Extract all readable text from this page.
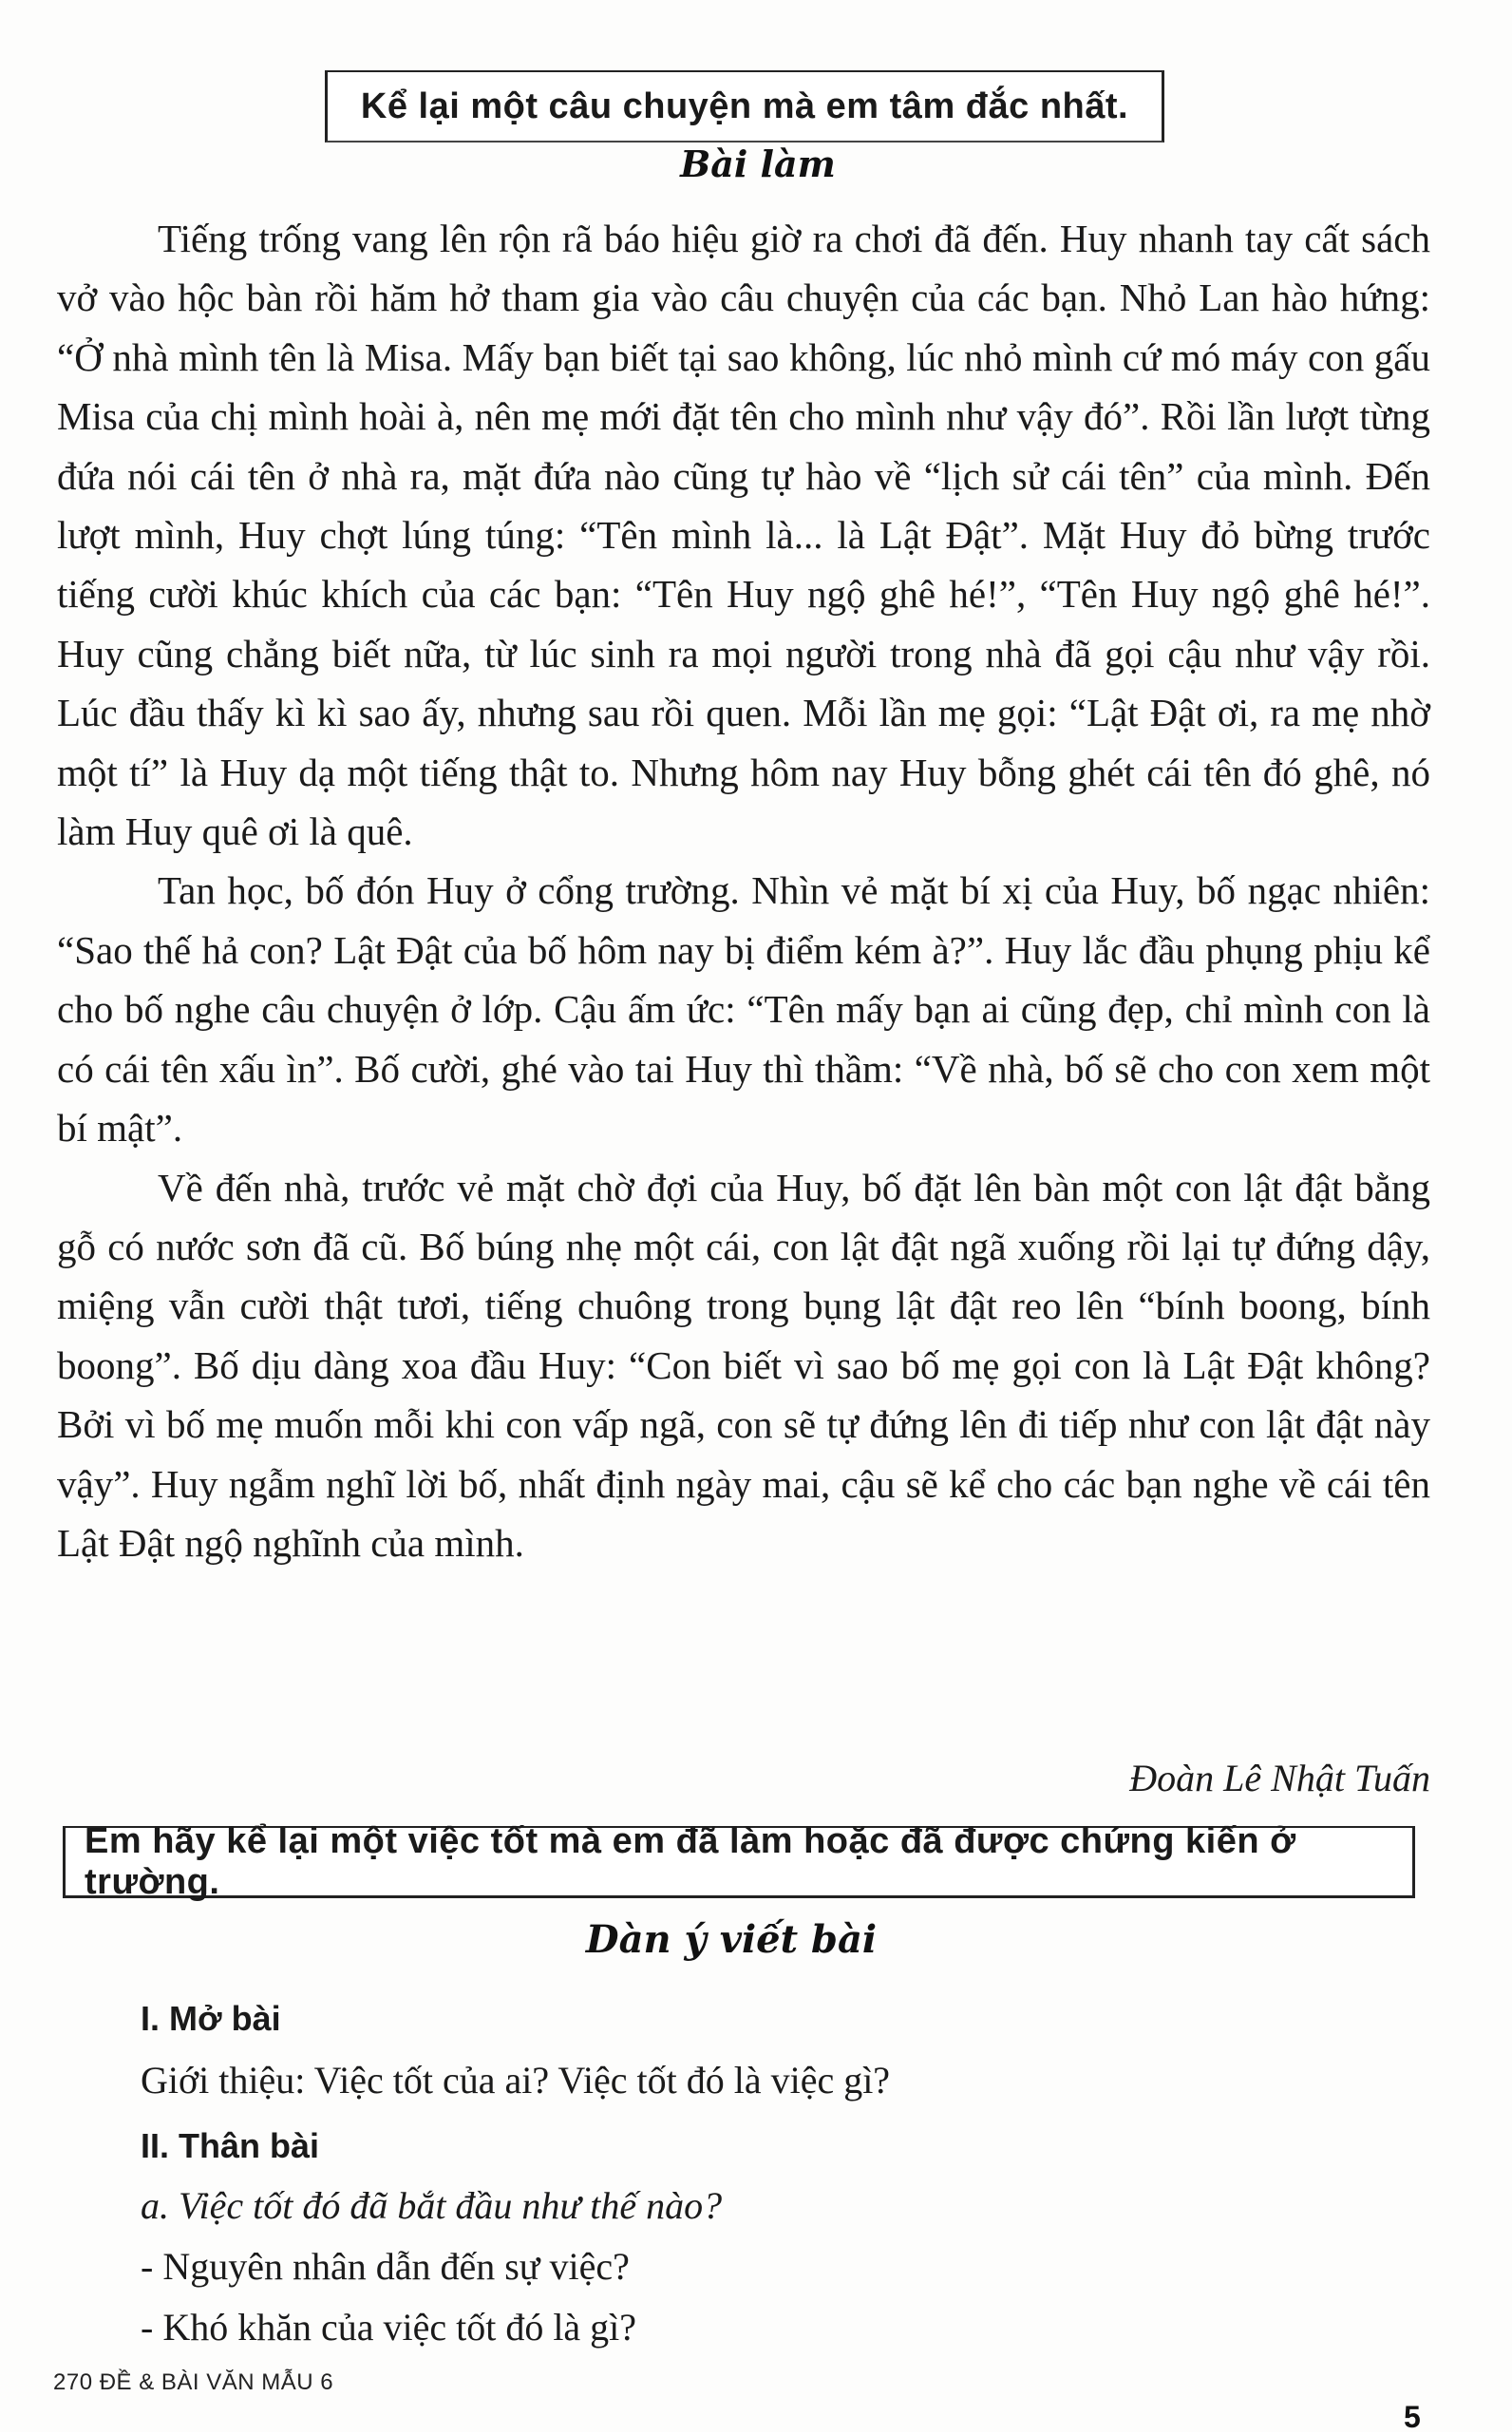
Kể lại một câu chuyện mà em tâm đắc nhất.
Bài làm

Tiếng trống vang lên rộn rã báo hiệu giờ ra chơi đã đến. Huy nhanh tay cất sách vở vào hộc bàn rồi hăm hở tham gia vào câu chuyện của các bạn. Nhỏ Lan hào hứng: “Ở nhà mình tên là Misa. Mấy bạn biết tại sao không, lúc nhỏ mình cứ mó máy con gấu Misa của chị mình hoài à, nên mẹ mới đặt tên cho mình như vậy đó”. Rồi lần lượt từng đứa nói cái tên ở nhà ra, mặt đứa nào cũng tự hào về “lịch sử cái tên” của mình. Đến lượt mình, Huy chợt lúng túng: “Tên mình là... là Lật Đật”. Mặt Huy đỏ bừng trước tiếng cười khúc khích của các bạn: “Tên Huy ngộ ghê hé!”, “Tên Huy ngộ ghê hé!”. Huy cũng chẳng biết nữa, từ lúc sinh ra mọi người trong nhà đã gọi cậu như vậy rồi. Lúc đầu thấy kì kì sao ấy, nhưng sau rồi quen. Mỗi lần mẹ gọi: “Lật Đật ơi, ra mẹ nhờ một tí” là Huy dạ một tiếng thật to. Nhưng hôm nay Huy bỗng ghét cái tên đó ghê, nó làm Huy quê ơi là quê.

Tan học, bố đón Huy ở cổng trường. Nhìn vẻ mặt bí xị của Huy, bố ngạc nhiên: “Sao thế hả con? Lật Đật của bố hôm nay bị điểm kém à?”. Huy lắc đầu phụng phịu kể cho bố nghe câu chuyện ở lớp. Cậu ấm ức: “Tên mấy bạn ai cũng đẹp, chỉ mình con là có cái tên xấu ìn”. Bố cười, ghé vào tai Huy thì thầm: “Về nhà, bố sẽ cho con xem một bí mật”.

Về đến nhà, trước vẻ mặt chờ đợi của Huy, bố đặt lên bàn một con lật đật bằng gỗ có nước sơn đã cũ. Bố búng nhẹ một cái, con lật đật ngã xuống rồi lại tự đứng dậy, miệng vẫn cười thật tươi, tiếng chuông trong bụng lật đật reo lên “bính boong, bính boong”. Bố dịu dàng xoa đầu Huy: “Con biết vì sao bố mẹ gọi con là Lật Đật không? Bởi vì bố mẹ muốn mỗi khi con vấp ngã, con sẽ tự đứng lên đi tiếp như con lật đật này vậy”. Huy ngẫm nghĩ lời bố, nhất định ngày mai, cậu sẽ kể cho các bạn nghe về cái tên Lật Đật ngộ nghĩnh của mình.

Đoàn Lê Nhật Tuấn
Em hãy kể lại một việc tốt mà em đã làm hoặc đã được chứng kiến ở trường.
Dàn ý viết bài
I. Mở bài
Giới thiệu: Việc tốt của ai? Việc tốt đó là việc gì?
II. Thân bài
a. Việc tốt đó đã bắt đầu như thế nào?
- Nguyên nhân dẫn đến sự việc?
- Khó khăn của việc tốt đó là gì?
270 ĐỀ & BÀI VĂN MẪU 6
5
